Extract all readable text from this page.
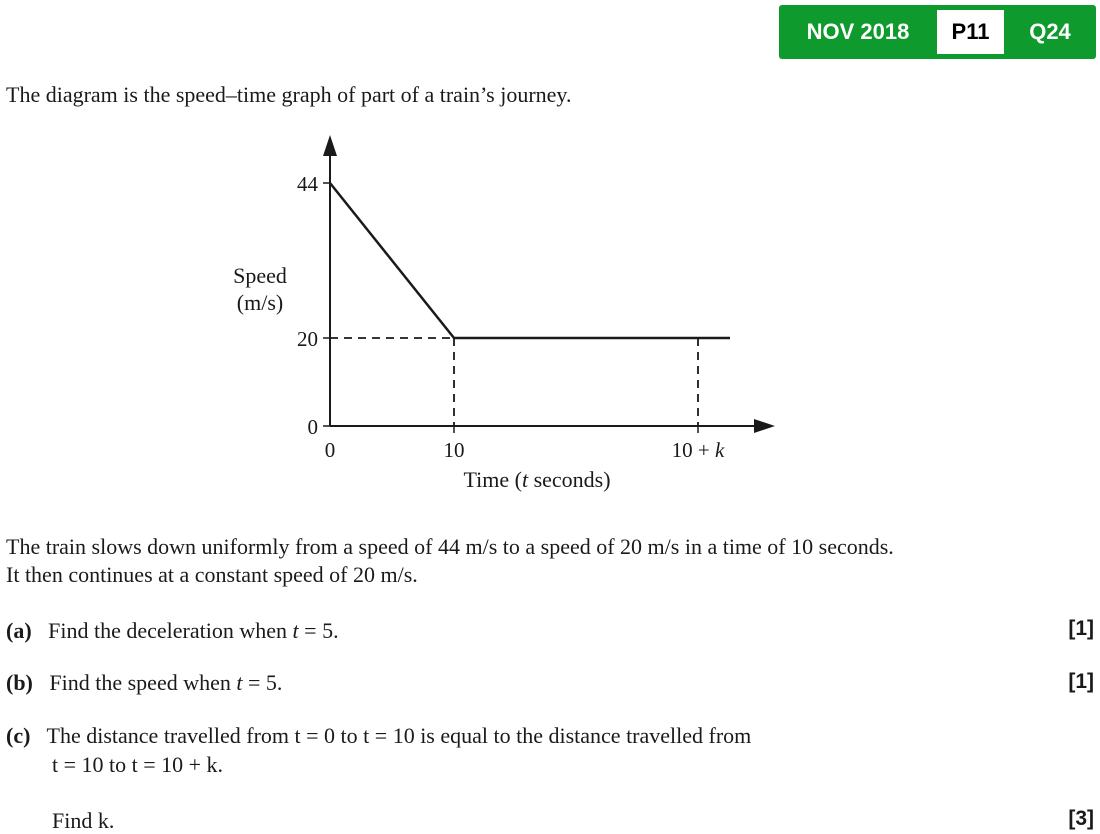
NOV 2018	P11	Q24
The diagram is the speed–time graph of part of a train’s journey.
44
20
0
0	10	10 + k
Speed
(m/s)
Time (t seconds)
The train slows down uniformly from a speed of 44 m/s to a speed of 20 m/s in a time of 10 seconds.
It then continues at a constant speed of 20 m/s.
(a) Find the deceleration when t = 5.	[1]
(b) Find the speed when t = 5.	[1]
(c) The distance travelled from t = 0 to t = 10 is equal to the distance travelled from
t = 10 to t = 10 + k.
Find k.	[3]
